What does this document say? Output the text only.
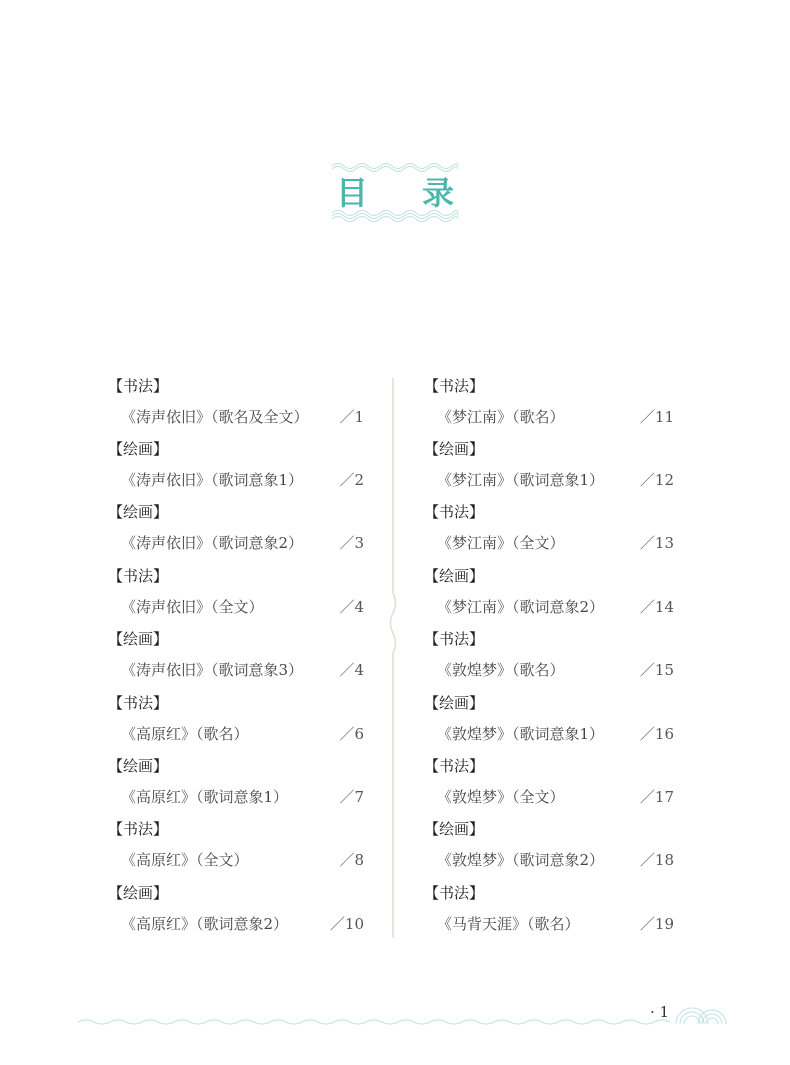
目 录
【书法】
《涛声依旧》（歌名及全文） ／1
【绘画】
《涛声依旧》（歌词意象1） ／2
【绘画】
《涛声依旧》（歌词意象2） ／3
【书法】
《涛声依旧》（全文）	／4
【绘画】
《涛声依旧》（歌词意象3） ／4
【书法】
《高原红》（歌名）	／6
【绘画】
《高原红》（歌词意象1）	／7
【书法】
《高原红》（全文）	／8
【绘画】
《高原红》（歌词意象2）	／10
【书法】
《梦江南》（歌名）	／11
【绘画】
《梦江南》（歌词意象1） ／12
【书法】
《梦江南》（全文）	／13
【绘画】
《梦江南》（歌词意象2） ／14
【书法】
《敦煌梦》（歌名）	／15
【绘画】
《敦煌梦》（歌词意象1） ／16
【书法】
《敦煌梦》（全文）	／17
【绘画】
《敦煌梦》（歌词意象2） ／18
【书法】
《马背天涯》（歌名）	／19
· 1
